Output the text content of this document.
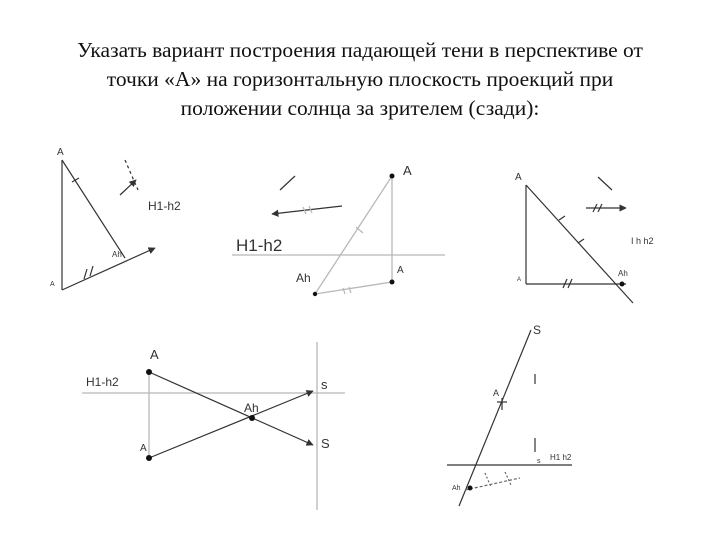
Указать вариант построения падающей тени в перспективе от
точки «А» на горизонтальную плоскость проекций при
положении солнца за зрителем (сзади):
A
H1-h2
Ah
A
A
H1-h2
Ah
A
A
I h h2
Ah
A
A
H1-h2
Ah
A
s
S
S
A
H1 h2
Ah
s
